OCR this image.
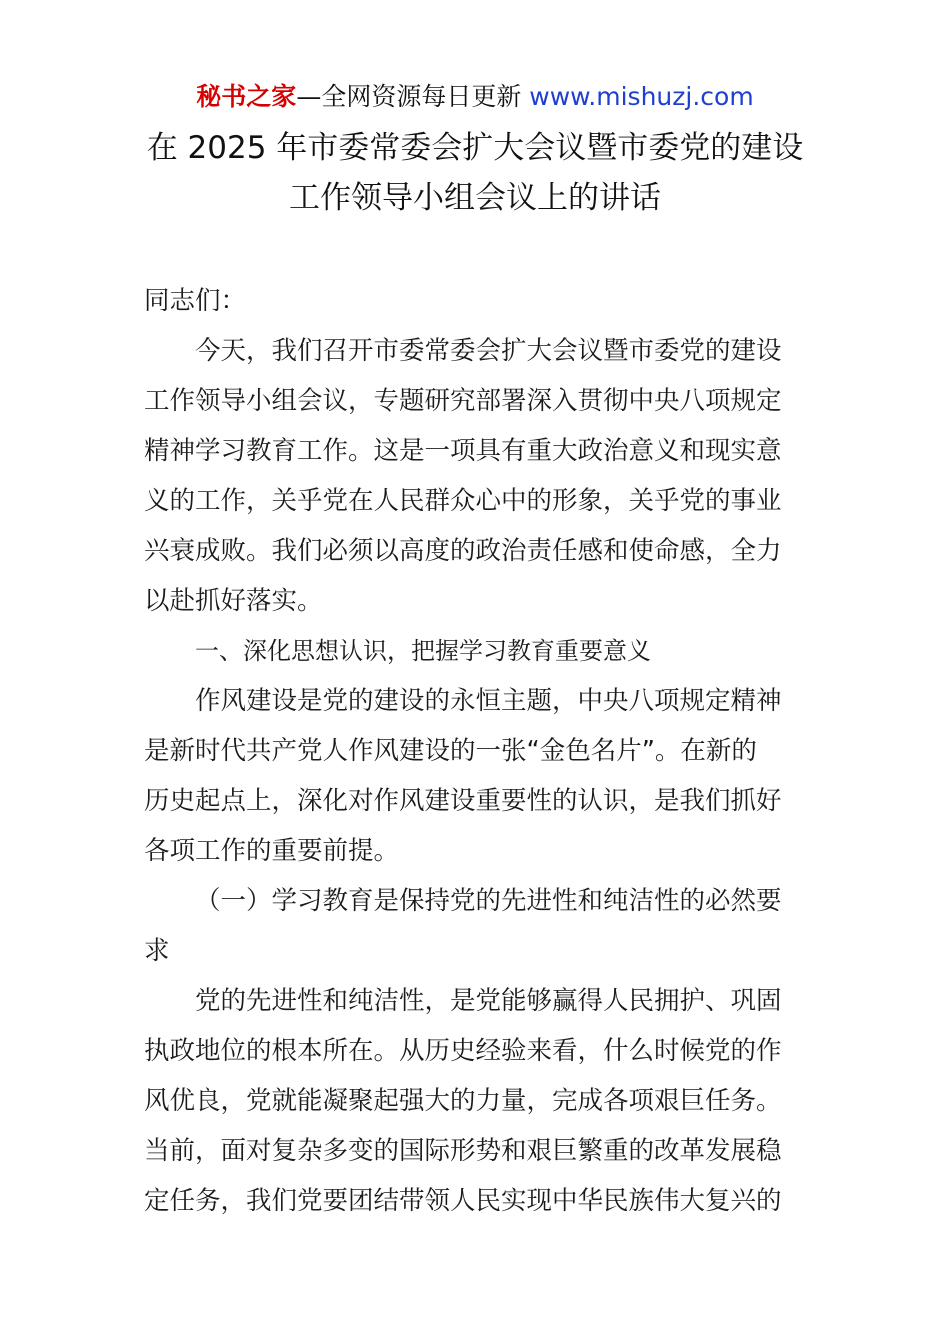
秘书之家—全网资源每日更新 www.mishuzj.com
在 2025 年市委常委会扩大会议暨市委党的建设
工作领导小组会议上的讲话
同志们：
今天，我们召开市委常委会扩大会议暨市委党的建设
工作领导小组会议，专题研究部署深入贯彻中央八项规定
精神学习教育工作。这是一项具有重大政治意义和现实意
义的工作，关乎党在人民群众心中的形象，关乎党的事业
兴衰成败。我们必须以高度的政治责任感和使命感，全力
以赴抓好落实。
一、深化思想认识，把握学习教育重要意义
作风建设是党的建设的永恒主题，中央八项规定精神
是新时代共产党人作风建设的一张“金色名片”。在新的
历史起点上，深化对作风建设重要性的认识，是我们抓好
各项工作的重要前提。
（一）学习教育是保持党的先进性和纯洁性的必然要
求
党的先进性和纯洁性，是党能够赢得人民拥护、巩固
执政地位的根本所在。从历史经验来看，什么时候党的作
风优良，党就能凝聚起强大的力量，完成各项艰巨任务。
当前，面对复杂多变的国际形势和艰巨繁重的改革发展稳
定任务，我们党要团结带领人民实现中华民族伟大复兴的
